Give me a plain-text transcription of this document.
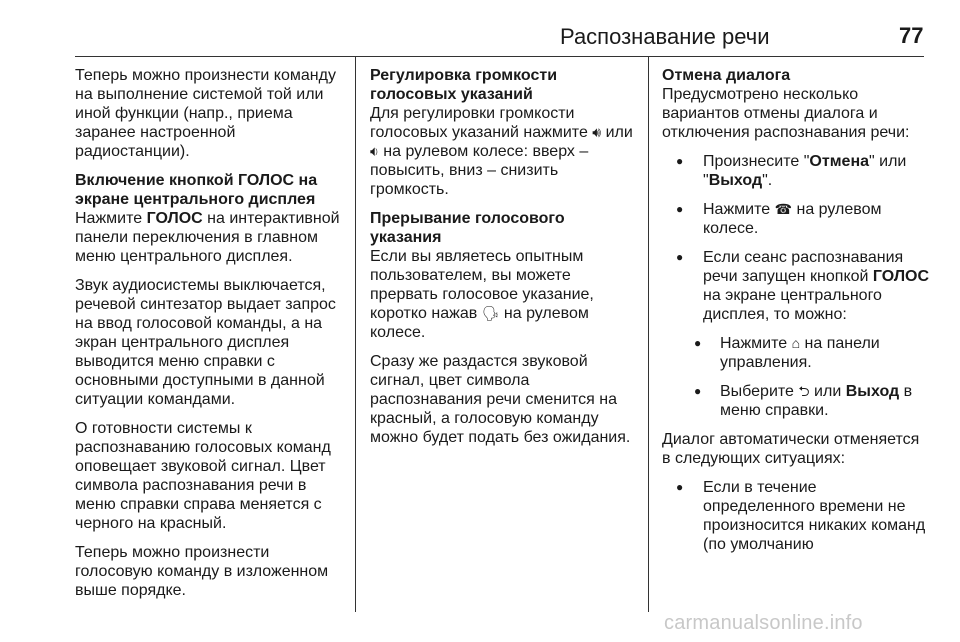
Распознавание речи	77

Теперь можно произнести команду на выполнение системой той или иной функции (напр., приема заранее настроенной радиостанции).

Включение кнопкой ГОЛОС на экране центрального дисплея

Нажмите ГОЛОС на интерактивной панели переключения в главном меню центрального дисплея.

Звук аудиосистемы выключается, речевой синтезатор выдает запрос на ввод голосовой команды, а на экран центрального дисплея выводится меню справки с основными доступными в данной ситуации командами.

О готовности системы к распознаванию голосовых команд оповещает звуковой сигнал. Цвет символа распознавания речи в меню справки справа меняется с черного на красный.

Теперь можно произнести голосовую команду в изложенном выше порядке.

Регулировка громкости голосовых указаний

Для регулировки громкости голосовых указаний нажмите 🔊︎ или 🔉︎ на рулевом колесе: вверх – повысить, вниз – снизить громкость.

Прерывание голосового указания

Если вы являетесь опытным пользователем, вы можете прервать голосовое указание, коротко нажав 🗣︎ на рулевом колесе.

Сразу же раздастся звуковой сигнал, цвет символа распознавания речи сменится на красный, а голосовую команду можно будет подать без ожидания.

Отмена диалога

Предусмотрено несколько вариантов отмены диалога и отключения распознавания речи:

● Произнесите "Отмена" или "Выход".
● Нажмите ☎︎ на рулевом колесе.
● Если сеанс распознавания речи запущен кнопкой ГОЛОС на экране центрального дисплея, то можно:
● Нажмите ⌂ на панели управления.
● Выберите ⮌ или Выход в меню справки.

Диалог автоматически отменяется в следующих ситуациях:

● Если в течение определенного времени не произносится никаких команд (по умолчанию
carmanualsonline.info
